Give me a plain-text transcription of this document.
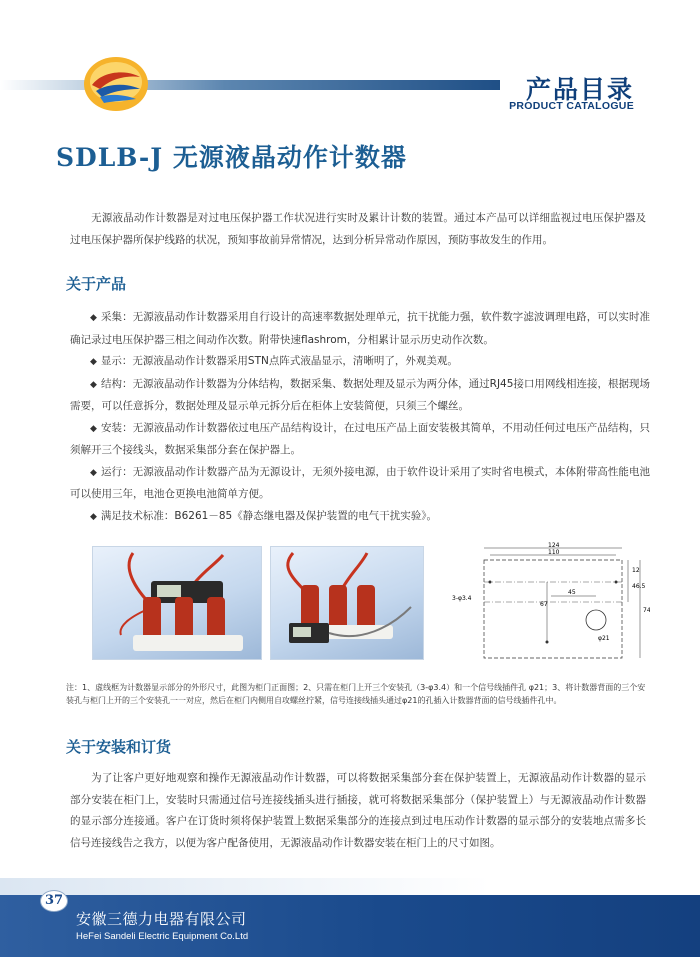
产品目录
PRODUCT CATALOGUE
SDLB-J 无源液晶动作计数器
无源液晶动作计数器是对过电压保护器工作状况进行实时及累计计数的装置。通过本产品可以详细监视过电压保护器及过电压保护器所保护线路的状况，预知事故前异常情况，达到分析异常动作原因，预防事故发生的作用。
关于产品
◆ 采集：无源液晶动作计数器采用自行设计的高速率数据处理单元，抗干扰能力强，软件数字滤波调理电路，可以实时准确记录过电压保护器三相之间动作次数。附带快速flashrom，分相累计显示历史动作次数。
◆ 显示：无源液晶动作计数器采用STN点阵式液晶显示，清晰明了，外观美观。
◆ 结构：无源液晶动作计数器为分体结构，数据采集、数据处理及显示为两分体，通过RJ45接口用网线相连接，根据现场需要，可以任意拆分，数据处理及显示单元拆分后在柜体上安装简便，只须三个螺丝。
◆ 安装：无源液晶动作计数器依过电压产品结构设计，在过电压产品上面安装极其简单，不用动任何过电压产品结构，只须解开三个接线头，数据采集部分套在保护器上。
◆ 运行：无源液晶动作计数器产品为无源设计，无须外接电源，由于软件设计采用了实时省电模式，本体附带高性能电池可以使用三年，电池仓更换电池简单方便。
◆ 满足技术标准：B6261－85《静态继电器及保护装置的电气干扰实验》。
124
110
45
67
φ21
3-φ3.4
46.5
74
12
注：1、虚线框为计数器显示部分的外形尺寸，此图为柜门正面图；2、只需在柜门上开三个安装孔（3-φ3.4）和一个信号线插件孔 φ21；3、将计数器背面的三个安装孔与柜门上开的三个安装孔一一对应，然后在柜门内侧用自攻螺丝拧紧，信号连接线插头通过φ21的孔插入计数器背面的信号线插件孔中。
关于安装和订货
为了让客户更好地观察和操作无源液晶动作计数器，可以将数据采集部分套在保护装置上，无源液晶动作计数器的显示部分安装在柜门上，安装时只需通过信号连接线插头进行插接，就可将数据采集部分（保护装置上）与无源液晶动作计数器的显示部分连接通。客户在订货时须将保护装置上数据采集部分的连接点到过电压动作计数器的显示部分的安装地点需多长信号连接线告之我方，以便为客户配备使用，无源液晶动作计数器安装在柜门上的尺寸如图。
37
安徽三德力电器有限公司
HeFei Sandeli Electric Equipment Co.Ltd
